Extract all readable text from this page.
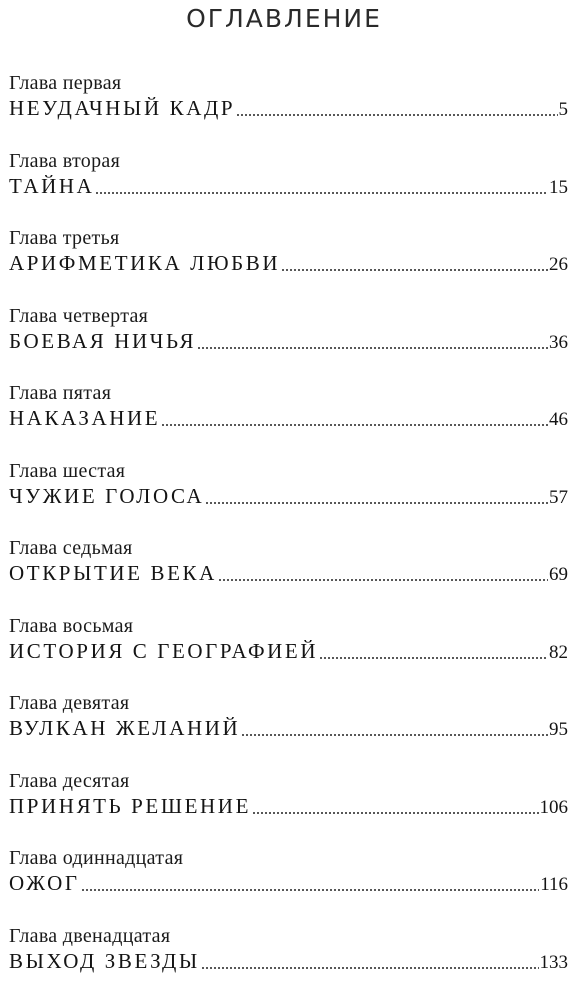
ОГЛАВЛЕНИЕ
Глава первая
НЕУДАЧНЫЙ КАДР	5
Глава вторая
ТАЙНА	15
Глава третья
АРИФМЕТИКА ЛЮБВИ	26
Глава четвертая
БОЕВАЯ НИЧЬЯ	36
Глава пятая
НАКАЗАНИЕ	46
Глава шестая
ЧУЖИЕ ГОЛОСА	57
Глава седьмая
ОТКРЫТИЕ ВЕКА	69
Глава восьмая
ИСТОРИЯ С ГЕОГРАФИЕЙ	82
Глава девятая
ВУЛКАН ЖЕЛАНИЙ	95
Глава десятая
ПРИНЯТЬ РЕШЕНИЕ	106
Глава одиннадцатая
ОЖОГ	116
Глава двенадцатая
ВЫХОД ЗВЕЗДЫ	133
